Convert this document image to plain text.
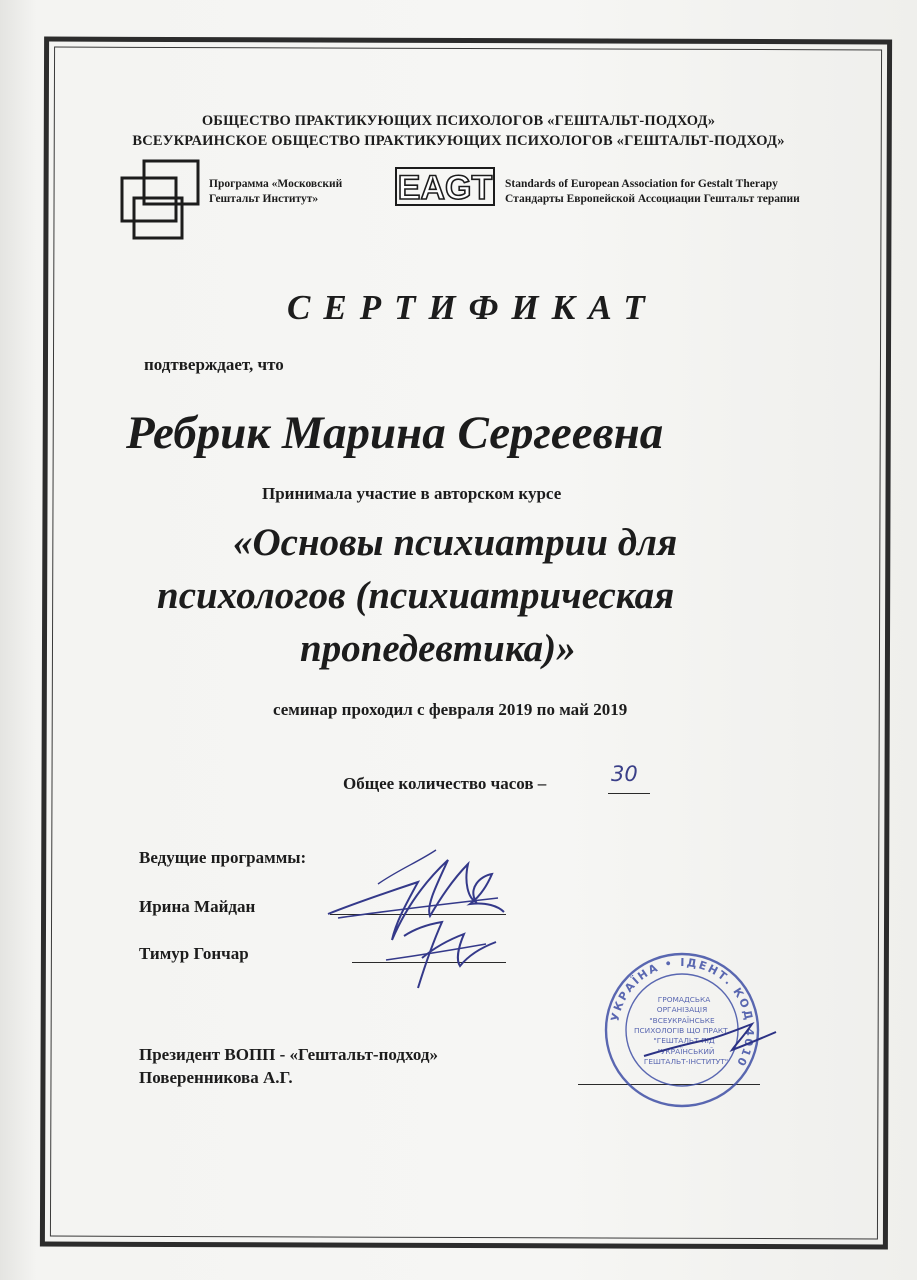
ОБЩЕСТВО ПРАКТИКУЮЩИХ ПСИХОЛОГОВ «ГЕШТАЛЬТ-ПОДХОД»
ВСЕУКРАИНСКОЕ ОБЩЕСТВО ПРАКТИКУЮЩИХ ПСИХОЛОГОВ «ГЕШТАЛЬТ-ПОДХОД»
Программа «Московский
Гештальт Институт» EAGT Standards of European Association for Gestalt Therapy
Стандарты Европейской Ассоциации Гештальт терапии
СЕРТИФИКАТ
подтверждает, что
Ребрик Марина Сергеевна
Принимала участие в авторском курсе
«Основы психиатрии для
психологов (психиатрическая
пропедевтика)»
семинар проходил с февраля 2019 по май 2019
Общее количество часов –	30
Ведущие программы:
Ирина Майдан
Тимур Гончар
Президент ВОПП - «Гештальт-подход»
Поверенникова А.Г.
УКРАЇНА • ІДЕНТ. КОД 4010
ГРОМАДСЬКА
ОРГАНІЗАЦІЯ
"ВСЕУКРАЇНСЬКЕ
ПСИХОЛОГІВ ЩО ПРАКТ.
"ГЕШТАЛЬТ-ПІД
"УКРАЇНСЬКИЙ
ГЕШТАЛЬТ-ІНСТИТУТ"
